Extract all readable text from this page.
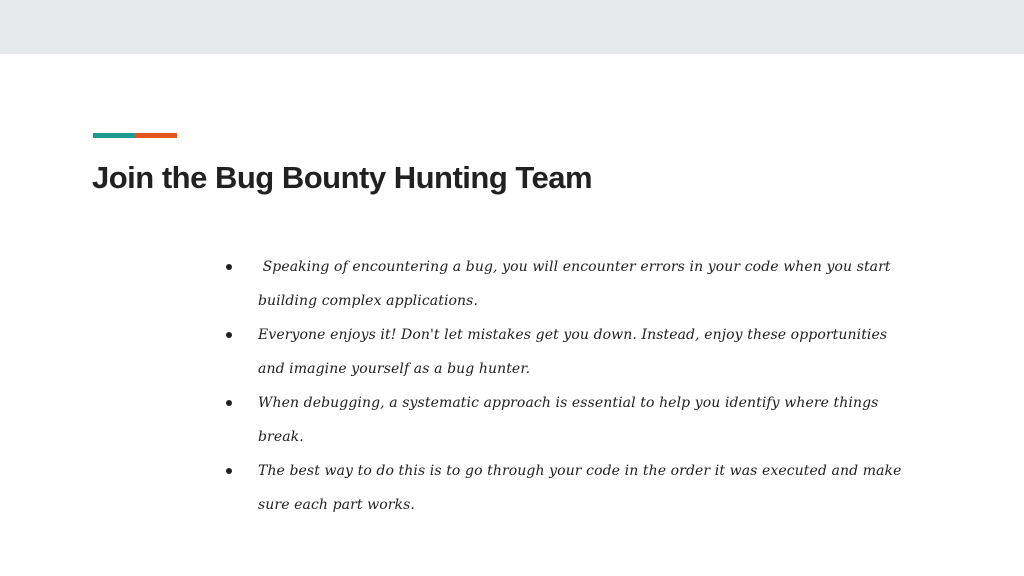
Join the Bug Bounty Hunting Team
Speaking of encountering a bug, you will encounter errors in your code when you start building complex applications.
Everyone enjoys it! Don't let mistakes get you down. Instead, enjoy these opportunities and imagine yourself as a bug hunter.
When debugging, a systematic approach is essential to help you identify where things break.
The best way to do this is to go through your code in the order it was executed and make sure each part works.
